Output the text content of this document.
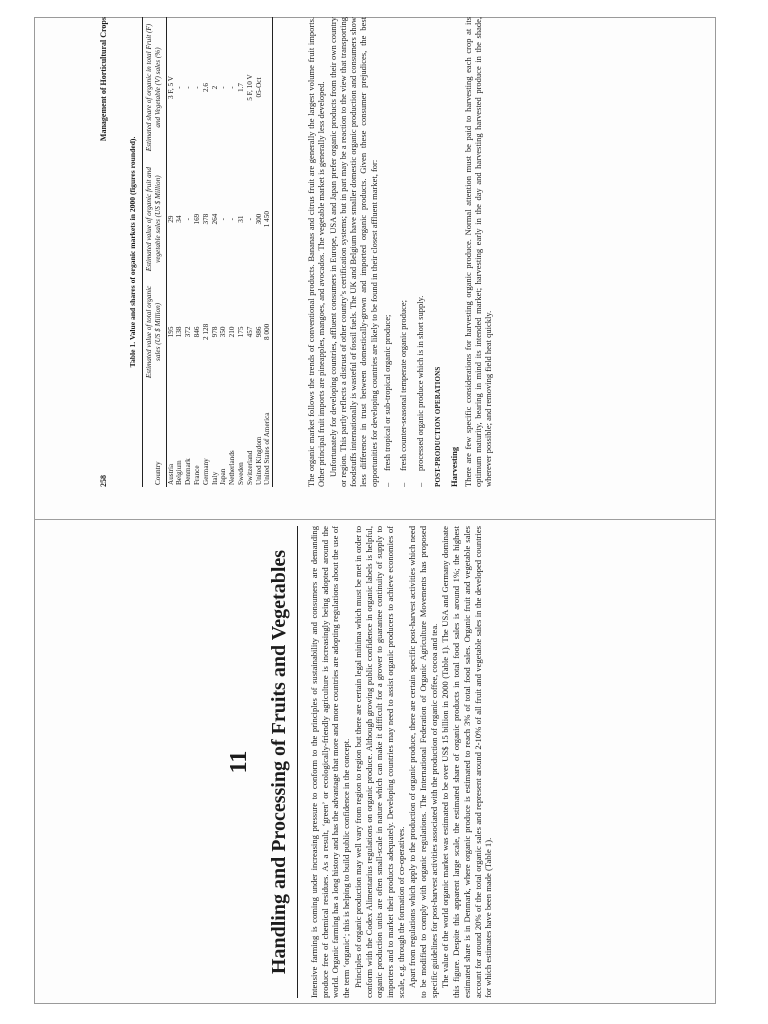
11 Handling and Processing of Fruits and Vegetables Intensive farming is coming under increasing pressure to conform to the principles of sustainability and consumers are demanding produce free of chemical residues. As a result, ‘green’ or ecologically-friendly agriculture is increasingly being adopted around the world. Organic farming has a long history and has the advantage that more and more countries are adopting regulations about the use of the term ‘organic’; this is helping to build public confidence in the concept. Principles of organic production may well vary from region to region but there are certain legal minima which must be met in order to conform with the Codex Alimentarius regulations on organic produce. Although growing public confidence in organic labels is helpful, organic production units are often small-scale in nature which can make it difficult for a grower to guarantee continuity of supply to importers and to market their products adequately. Developing countries may need to assist organic producers to achieve economies of scale, e.g. through the formation of co-operatives. Apart from regulations which apply to the production of organic produce, there are certain specific post-harvest activities which need to be modified to comply with organic regulations. The International Federation of Organic Agriculture Movements has proposed specific guidelines for post-harvest activities associated with the production of organic coffee, cocoa and tea. The value of the world organic market was estimated to be over US$ 15 billion in 2000 (Table 1). The USA and Germany dominate this figure. Despite this apparent large scale, the estimated share of organic products in total food sales is around 1%; the highest estimated share is in Denmark, where organic produce is estimated to reach 3% of total food sales. Organic fruit and vegetable sales account for around 20% of the total organic sales and represent around 2-10% of all fruit and vegetable sales in the developed countries for which estimates have been made (Table 1).

258
Management of Horticultural Crops
Table 1. Value and shares of organic markets in 2000 (figures rounded).
Country	Estimated value of total organic sales (US $ Million)	Estimated value of organic fruit and vegetable sales (US $ Million)	Estimated share of organic in total Fruit (F) and Vegetable (V) sales (%)
Austria	195	29	3 F, 5 V
Belgium	138	34	-
Denmark	372	-	-
France	846	169	-
Germany	2 128	378	2.6
Italy	978	264	2
Japan	350	-	-
Netherlands	210	-	-
Sweden	175	31	1.7
Switzerland	457	-	5 F, 10 V
United Kingdom	986	300	05-Oct
United States of America	8 000	1 450		The organic market follows the trends of conventional products. Bananas and citrus fruit are generally the largest volume fruit imports. Other principal fruit imports are pineapples, mangoes, and avocados. The vegetable market is generally less developed. Unfortunately for developing countries, affluent consumers in Europe, USA and Japan prefer organic products from their own country or region. This partly reflects a distrust of other country’s certification systems; but in part may be a reaction to the view that transporting foodstuffs internationally is wasteful of fossil fuels. The UK and Belgium have smaller domestic organic production and consumers show less difference in trust between domestically-grown and imported organic products. Given these consumer prejudices, the best opportunities for developing countries are likely to be found in their closest affluent market, for: –
fresh tropical or sub-tropical organic produce;
–
fresh counter-seasonal temperate organic produce;
–
processed organic produce which is in short supply. POST-PRODUCTION OPERATIONS Harvesting There are few specific considerations for harvesting organic produce. Normal attention must be paid to harvesting each crop at its optimum maturity, bearing in mind its intended market; harvesting early in the day and harvesting harvested produce in the shade, wherever possible; and removing field heat quickly.
